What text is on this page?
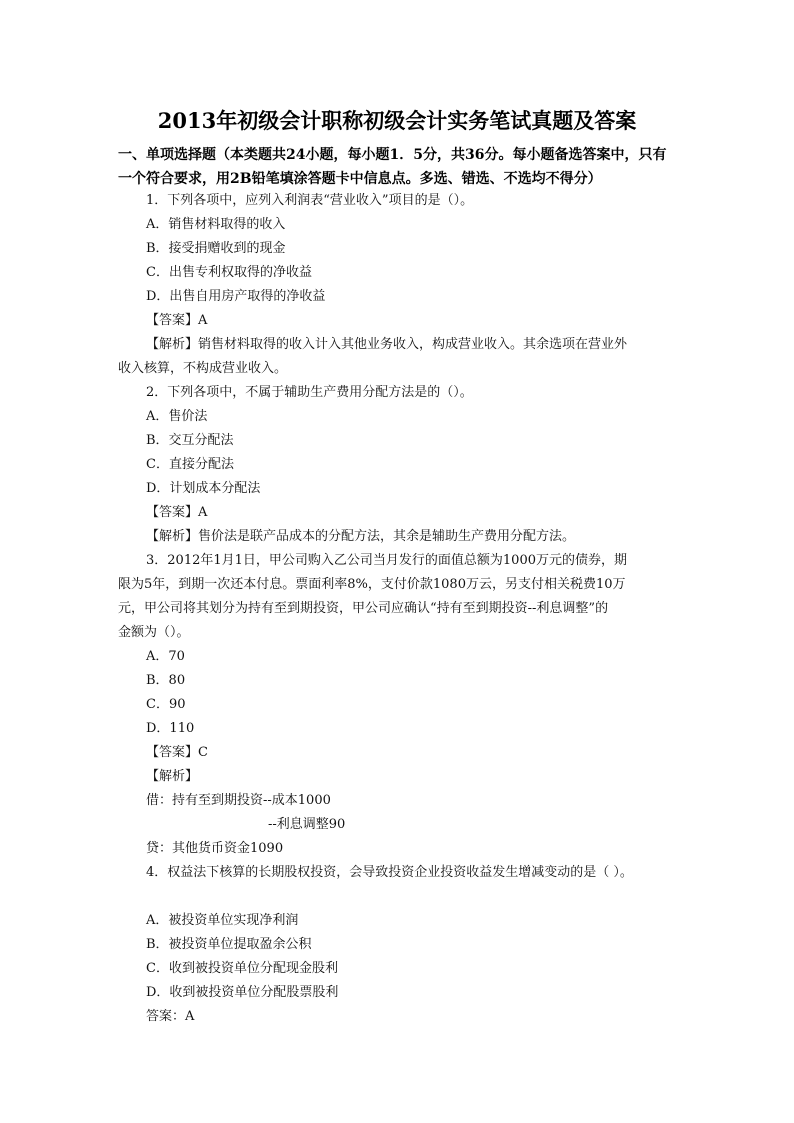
2013年初级会计职称初级会计实务笔试真题及答案
一、单项选择题（本类题共24小题，每小题1．5分，共36分。每小题备选答案中，只有一个符合要求，用2B铅笔填涂答题卡中信息点。多选、错选、不选均不得分）
1．下列各项中，应列入利润表“营业收入”项目的是（）。
A．销售材料取得的收入
B．接受捐赠收到的现金
C．出售专利权取得的净收益
D．出售自用房产取得的净收益
【答案】A
【解析】销售材料取得的收入计入其他业务收入，构成营业收入。其余选项在营业外
收入核算，不构成营业收入。
2．下列各项中，不属于辅助生产费用分配方法是的（）。
A．售价法
B．交互分配法
C．直接分配法
D．计划成本分配法
【答案】A
【解析】售价法是联产品成本的分配方法，其余是辅助生产费用分配方法。
3．2012年1月1日，甲公司购入乙公司当月发行的面值总额为1000万元的债券，期
限为5年，到期一次还本付息。票面利率8%，支付价款1080万云，另支付相关税费10万
元，甲公司将其划分为持有至到期投资，甲公司应确认“持有至到期投资--利息调整”的
金额为（）。
A．70
B．80
C．90
D．110
【答案】C
【解析】
借：持有至到期投资--成本1000
--利息调整90
贷：其他货币资金1090
4．权益法下核算的长期股权投资，会导致投资企业投资收益发生增减变动的是（ ）。
A．被投资单位实现净利润
B．被投资单位提取盈余公积
C．收到被投资单位分配现金股利
D．收到被投资单位分配股票股利
答案：A
